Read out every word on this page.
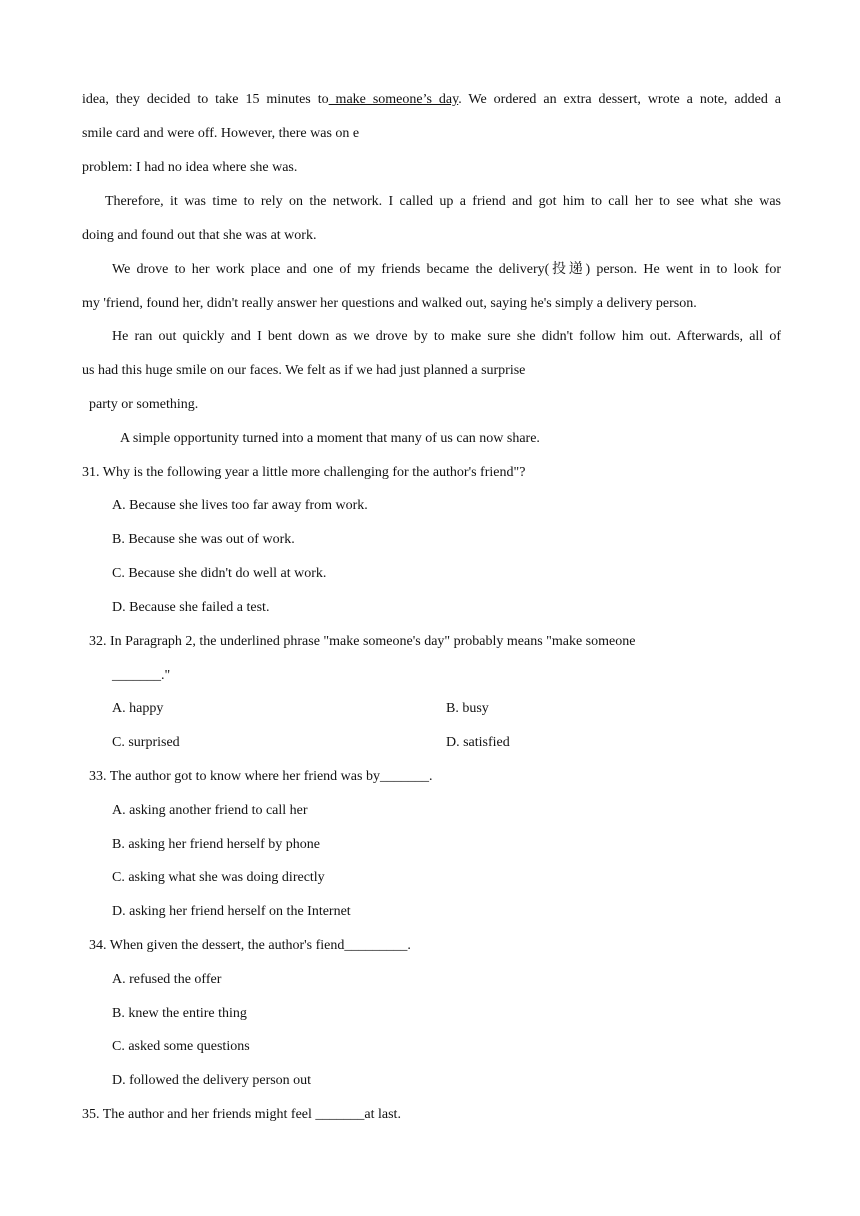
idea, they decided to take 15 minutes to make someone’s day. We ordered an extra dessert, wrote a note, added a
smile card and were off. However, there was on e
problem: I had no idea where she was.
Therefore, it was time to rely on the network. I called up a friend and got him to call her to see what she was
doing and found out that she was at work.
We drove to her work place and one of my friends became the delivery(投递) person. He went in to look for
my 'friend, found her, didn't really answer her questions and walked out, saying he's simply a delivery person.
He ran out quickly and I bent down as we drove by to make sure she didn't follow him out. Afterwards, all of
us had this huge smile on our faces. We felt as if we had just planned a surprise
party or something.
A simple opportunity turned into a moment that many of us can now share.
31. Why is the following year a little more challenging for the author's friend"?
A. Because she lives too far away from work.
B. Because she was out of work.
C. Because she didn't do well at work.
D. Because she failed a test.
32. In Paragraph 2, the underlined phrase "make someone's day" probably means "make someone
_______."
A. happy	B. busy
C. surprised	D. satisfied
33. The author got to know where her friend was by_______.
A. asking another friend to call her
B. asking her friend herself by phone
C. asking what she was doing directly
D. asking her friend herself on the Internet
34. When given the dessert, the author's fiend_________.
A. refused the offer
B. knew the entire thing
C. asked some questions
D. followed the delivery person out
35. The author and her friends might feel _______at last.
